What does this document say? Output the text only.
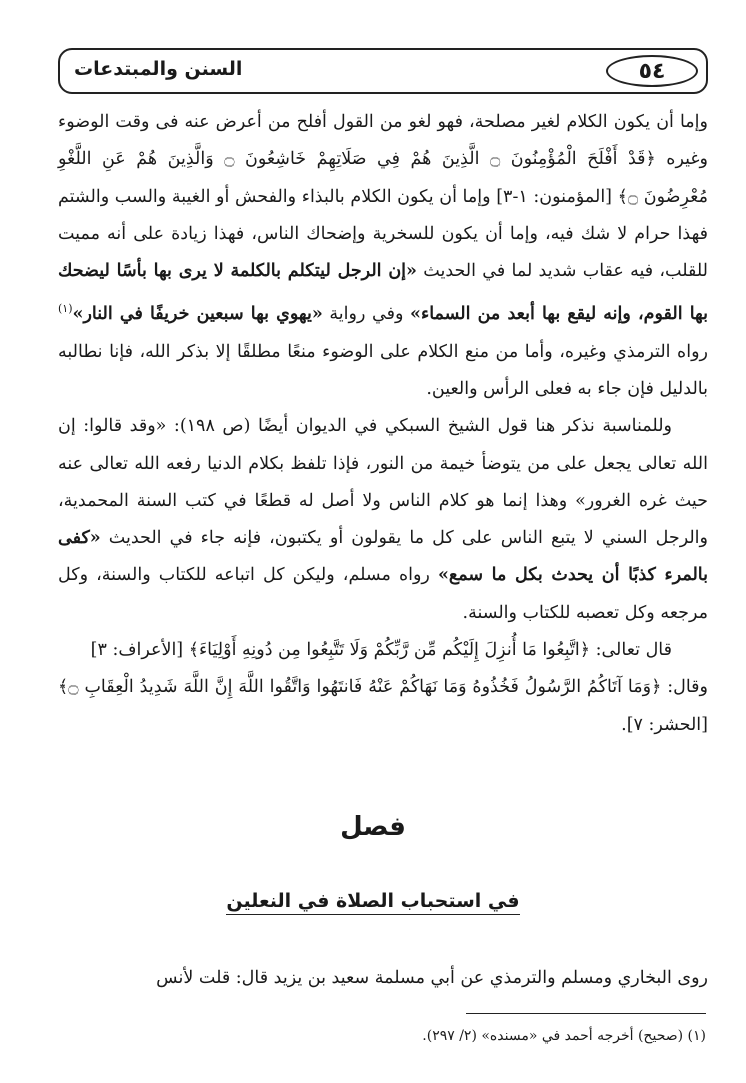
٥٤
السنن والمبتدعات

وإما أن يكون الكلام لغير مصلحة، فهو لغو من القول أفلح من أعرض عنه فى وقت الوضوء وغيره ﴿قَدْ أَفْلَحَ الْمُؤْمِنُونَ ۝ الَّذِينَ هُمْ فِي صَلَاتِهِمْ خَاشِعُونَ ۝ وَالَّذِينَ هُمْ عَنِ اللَّغْوِ مُعْرِضُونَ ۝﴾ [المؤمنون: ١-٣] وإما أن يكون الكلام بالبذاء والفحش أو الغيبة والسب والشتم فهذا حرام لا شك فيه، وإما أن يكون للسخرية وإضحاك الناس، فهذا زيادة على أنه مميت للقلب، فيه عقاب شديد لما في الحديث «إن الرجل ليتكلم بالكلمة لا يرى بها بأسًا ليضحك بها القوم، وإنه ليقع بها أبعد من السماء» وفي رواية «يهوي بها سبعين خريفًا في النار»$^{(١)}$ رواه الترمذي وغيره، وأما من منع الكلام على الوضوء منعًا مطلقًا إلا بذكر الله، فإنا نطالبه بالدليل فإن جاء به فعلى الرأس والعين.

وللمناسبة نذكر هنا قول الشيخ السبكي في الديوان أيضًا (ص ١٩٨): «وقد قالوا: إن الله تعالى يجعل على من يتوضأ خيمة من النور، فإذا تلفظ بكلام الدنيا رفعه الله تعالى عنه حيث غره الغرور» وهذا إنما هو كلام الناس ولا أصل له قطعًا في كتب السنة المحمدية، والرجل السني لا يتبع الناس على كل ما يقولون أو يكتبون، فإنه جاء في الحديث «كفى بالمرء كذبًا أن يحدث بكل ما سمع» رواه مسلم، وليكن كل اتباعه للكتاب والسنة، وكل مرجعه وكل تعصبه للكتاب والسنة.

قال تعالى: ﴿اتَّبِعُوا مَا أُنزِلَ إِلَيْكُم مِّن رَّبِّكُمْ وَلَا تَتَّبِعُوا مِن دُونِهِ أَوْلِيَاءَ﴾ [الأعراف: ٣]

وقال: ﴿وَمَا آتَاكُمُ الرَّسُولُ فَخُذُوهُ وَمَا نَهَاكُمْ عَنْهُ فَانتَهُوا وَاتَّقُوا اللَّهَ إِنَّ اللَّهَ شَدِيدُ الْعِقَابِ ۝﴾ [الحشر: ٧].

فصل
في استحباب الصلاة في النعلين
روى البخاري ومسلم والترمذي عن أبي مسلمة سعيد بن يزيد قال: قلت لأنس
(١) (صحيح) أخرجه أحمد في «مسنده» (٢/ ٢٩٧).
